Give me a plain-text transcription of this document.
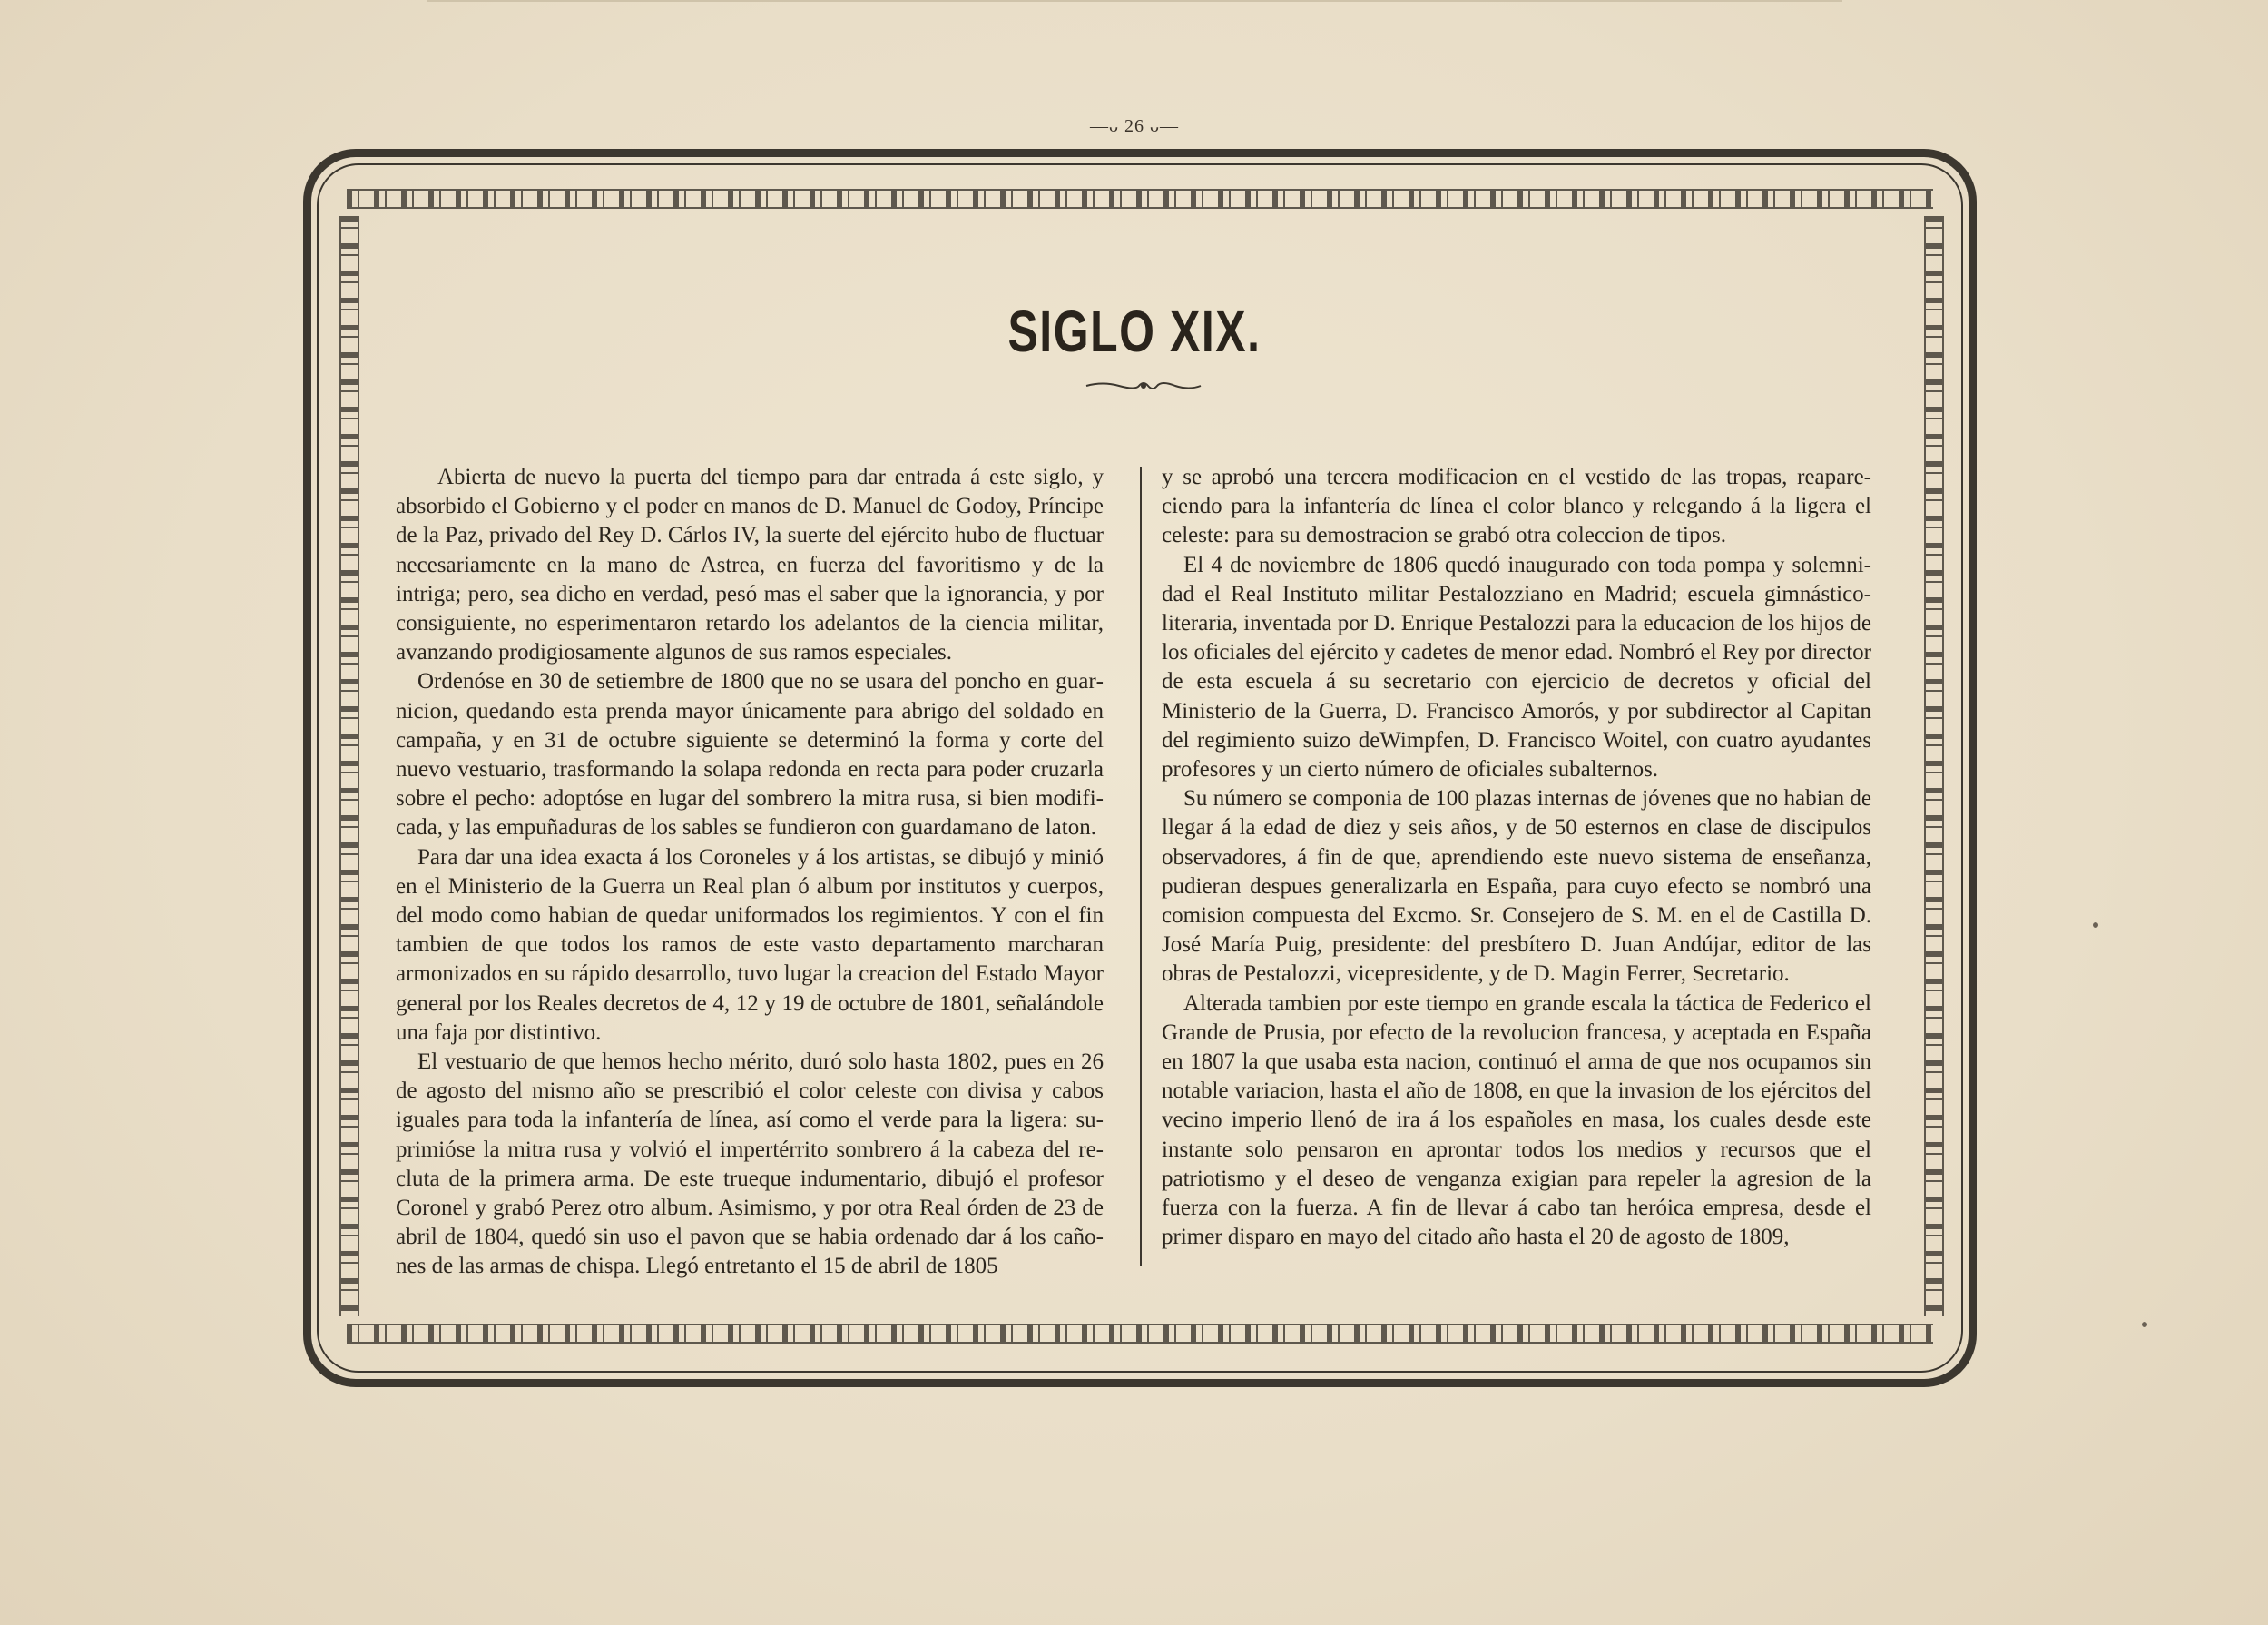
—ᴗ 26 ᴗ—
SIGLO XIX.

Abierta de nuevo la puerta del tiempo para dar entrada á este siglo, y absorbido el Gobierno y el poder en manos de D. Manuel de Godoy, Príncipe de la Paz, privado del Rey D. Cárlos IV, la suerte del ejército hubo de fluctuar necesariamente en la mano de Astrea, en fuerza del favoritismo y de la intriga; pero, sea dicho en verdad, pesó mas el saber que la ignorancia, y por consiguiente, no esperimentaron retardo los adelantos de la ciencia militar, avanzando prodigiosamente algunos de sus ramos especiales.

Ordenóse en 30 de setiembre de 1800 que no se usara del poncho en guarnicion, quedando esta prenda mayor únicamente para abrigo del soldado en campaña, y en 31 de octubre siguiente se determinó la forma y corte del nuevo vestuario, trasformando la solapa redonda en recta para poder cruzarla sobre el pecho: adoptóse en lugar del sombrero la mitra rusa, si bien modificada, y las empuñaduras de los sables se fundieron con guardamano de laton.

Para dar una idea exacta á los Coroneles y á los artistas, se dibujó y minió en el Ministerio de la Guerra un Real plan ó album por institutos y cuerpos, del modo como habian de quedar uniformados los regimientos. Y con el fin tambien de que todos los ramos de este vasto departamento marcharan armonizados en su rápido desarrollo, tuvo lugar la creacion del Estado Mayor general por los Reales decretos de 4, 12 y 19 de octubre de 1801, señalándole una faja por distintivo.

El vestuario de que hemos hecho mérito, duró solo hasta 1802, pues en 26 de agosto del mismo año se prescribió el color celeste con divisa y cabos iguales para toda la infantería de línea, así como el verde para la ligera: suprimióse la mitra rusa y volvió el impertérrito sombrero á la cabeza del recluta de la primera arma. De este trueque indumentario, dibujó el profesor Coronel y grabó Perez otro album. Asimismo, y por otra Real órden de 23 de abril de 1804, quedó sin uso el pavon que se habia ordenado dar á los cañones de las armas de chispa. Llegó entretanto el 15 de abril de 1805

y se aprobó una tercera modificacion en el vestido de las tropas, reapareciendo para la infantería de línea el color blanco y relegando á la ligera el celeste: para su demostracion se grabó otra coleccion de tipos.

El 4 de noviembre de 1806 quedó inaugurado con toda pompa y solemnidad el Real Instituto militar Pestalozziano en Madrid; escuela gimnástico-literaria, inventada por D. Enrique Pestalozzi para la educacion de los hijos de los oficiales del ejército y cadetes de menor edad. Nombró el Rey por director de esta escuela á su secretario con ejercicio de decretos y oficial del Ministerio de la Guerra, D. Francisco Amorós, y por subdirector al Capitan del regimiento suizo deWimpfen, D. Francisco Woitel, con cuatro ayudantes profesores y un cierto número de oficiales subalternos.

Su número se componia de 100 plazas internas de jóvenes que no habian de llegar á la edad de diez y seis años, y de 50 esternos en clase de discipulos observadores, á fin de que, aprendiendo este nuevo sistema de enseñanza, pudieran despues generalizarla en España, para cuyo efecto se nombró una comision compuesta del Excmo. Sr. Consejero de S. M. en el de Castilla D. José María Puig, presidente: del presbítero D. Juan Andújar, editor de las obras de Pestalozzi, vicepresidente, y de D. Magin Ferrer, Secretario.

Alterada tambien por este tiempo en grande escala la táctica de Federico el Grande de Prusia, por efecto de la revolucion francesa, y aceptada en España en 1807 la que usaba esta nacion, continuó el arma de que nos ocupamos sin notable variacion, hasta el año de 1808, en que la invasion de los ejércitos del vecino imperio llenó de ira á los españoles en masa, los cuales desde este instante solo pensaron en aprontar todos los medios y recursos que el patriotismo y el deseo de venganza exigian para repeler la agresion de la fuerza con la fuerza. A fin de llevar á cabo tan heróica empresa, desde el primer disparo en mayo del citado año hasta el 20 de agosto de 1809,
